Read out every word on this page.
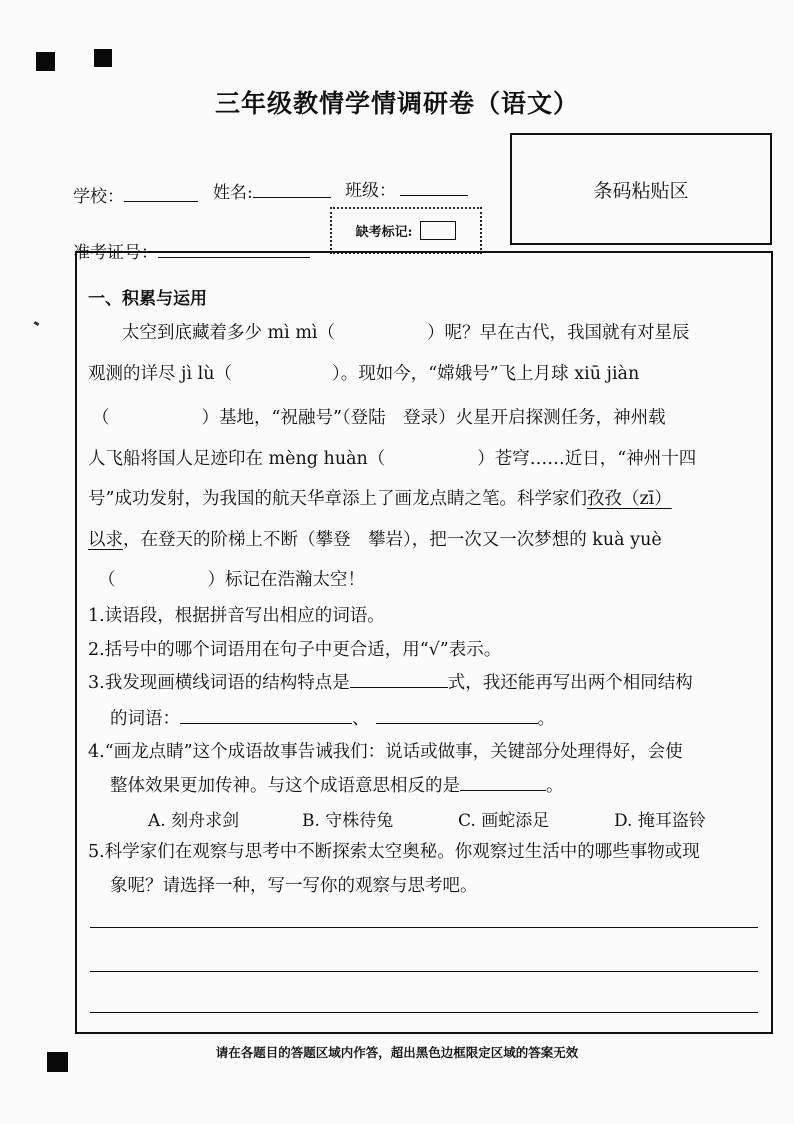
三年级教情学情调研卷（语文）
学校：	姓名:	班级：
准考证号：
缺考标记:
条码粘贴区
一、积累与运用
太空到底藏着多少 mì mì（	）呢？早在古代，我国就有对星辰
观测的详尽 jì lù（	）。现如今，“嫦娥号”飞上月球 xiū jiàn
（	）基地，“祝融号”（登陆　登录）火星开启探测任务，神州载
人飞船将国人足迹印在 mèng huàn（	）苍穹……近日，“神州十四
号”成功发射，为我国的航天华章添上了画龙点睛之笔。科学家们孜孜（zī）
以求，在登天的阶梯上不断（攀登　攀岩），把一次又一次梦想的 kuà yuè
（	）标记在浩瀚太空！
1.读语段，根据拼音写出相应的词语。
2.括号中的哪个词语用在句子中更合适，用“√”表示。
3.我发现画横线词语的结构特点是	式，我还能再写出两个相同结构
的词语：	、	。
4.“画龙点睛”这个成语故事告诫我们：说话或做事，关键部分处理得好，会使
整体效果更加传神。与这个成语意思相反的是	。
A. 刻舟求剑	B. 守株待兔	C. 画蛇添足	D. 掩耳盗铃
5.科学家们在观察与思考中不断探索太空奥秘。你观察过生活中的哪些事物或现
象呢？请选择一种，写一写你的观察与思考吧。
请在各题目的答题区域内作答，超出黑色边框限定区域的答案无效
